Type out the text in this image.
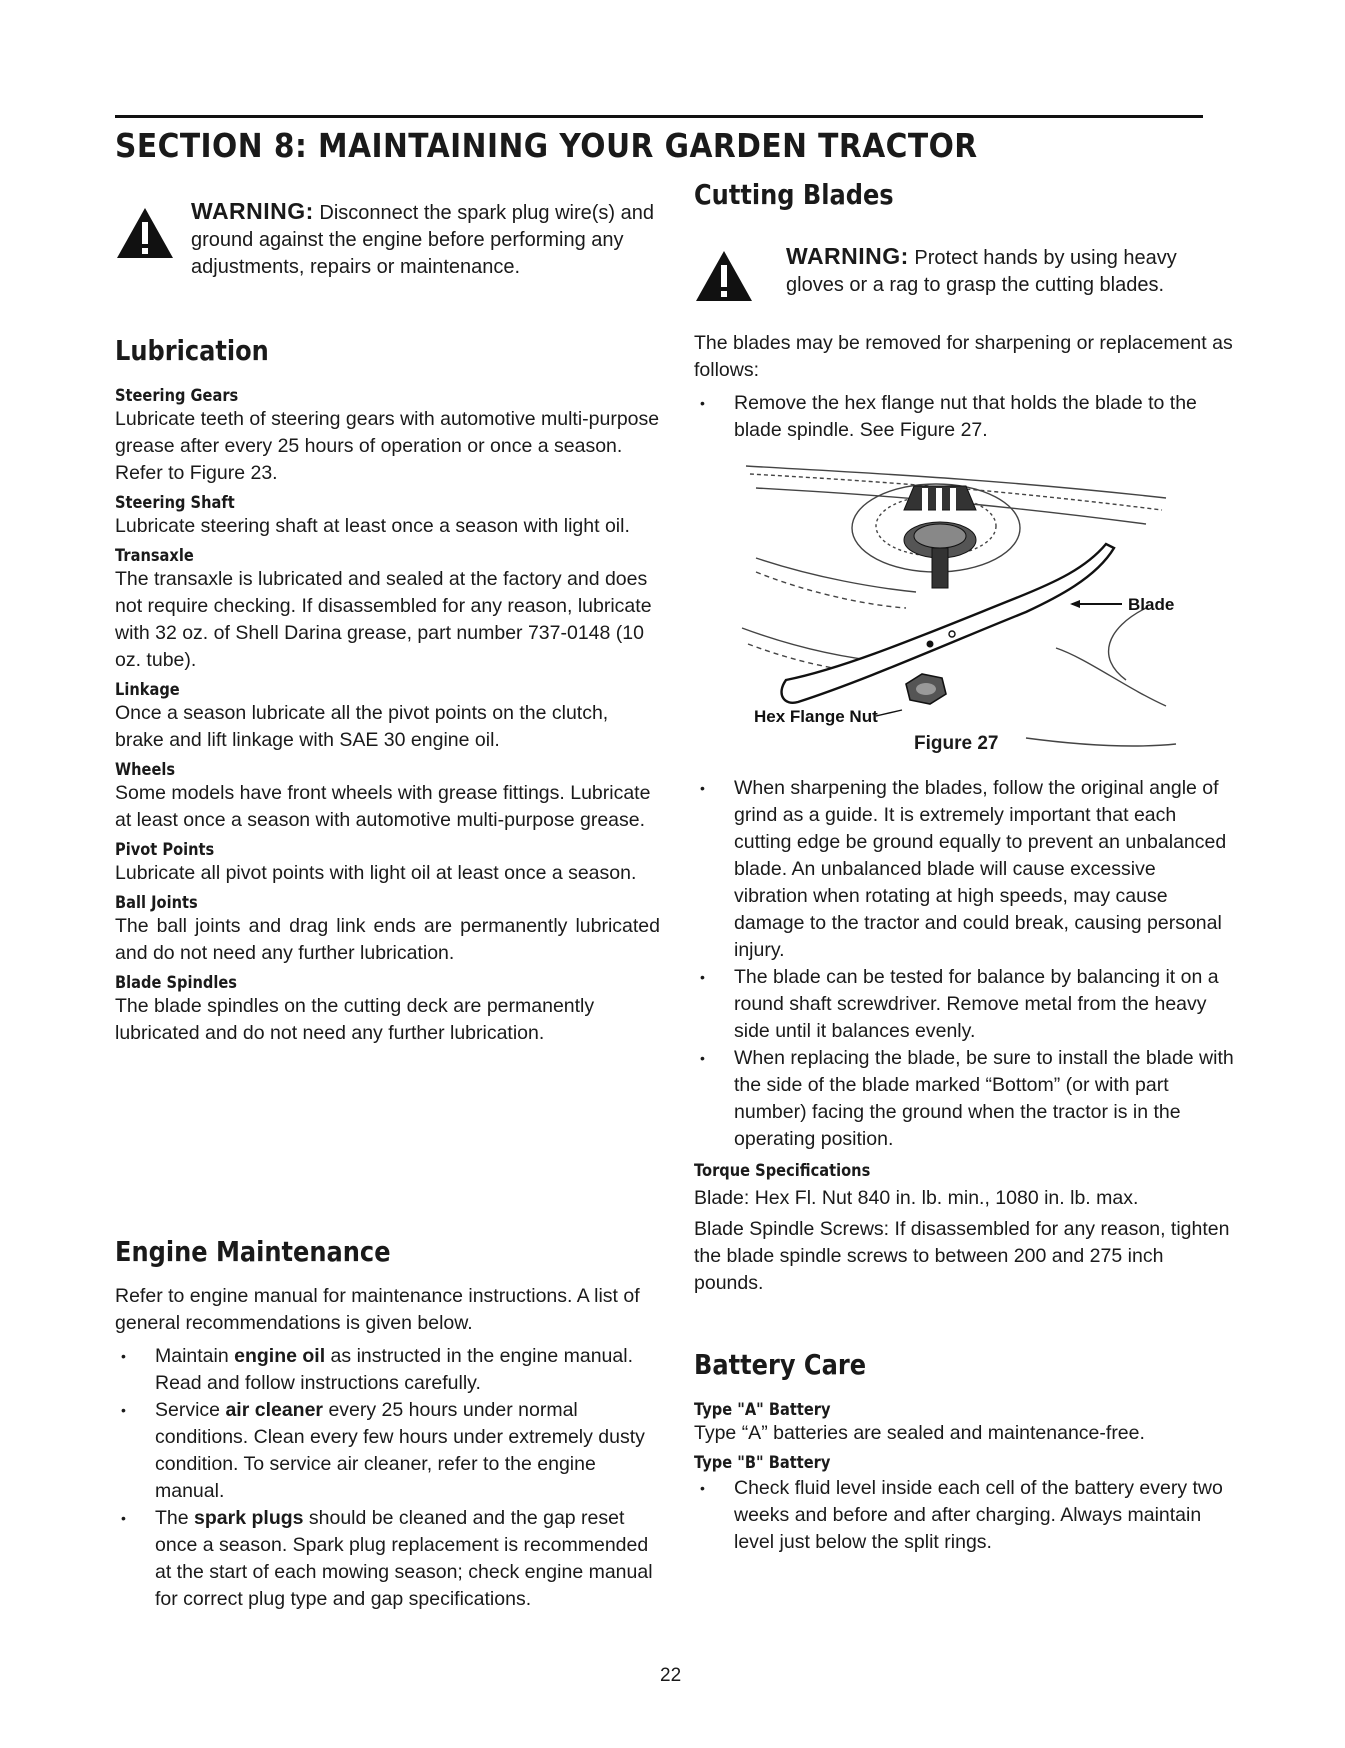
SECTION 8: MAINTAINING YOUR GARDEN TRACTOR

WARNING: Disconnect the spark plug wire(s) and ground against the engine before performing any adjustments, repairs or maintenance.

Lubrication
Steering Gears

Lubricate teeth of steering gears with automotive multi-purpose grease after every 25 hours of operation or once a season. Refer to Figure 23.

Steering Shaft

Lubricate steering shaft at least once a season with light oil.

Transaxle

The transaxle is lubricated and sealed at the factory and does not require checking. If disassembled for any reason, lubricate with 32 oz. of Shell Darina grease, part number 737-0148 (10 oz. tube).

Linkage

Once a season lubricate all the pivot points on the clutch, brake and lift linkage with SAE 30 engine oil.

Wheels

Some models have front wheels with grease fittings. Lubricate at least once a season with automotive multi-purpose grease.

Pivot Points

Lubricate all pivot points with light oil at least once a season.

Ball Joints

The ball joints and drag link ends are permanently lubricated and do not need any further lubrication.

Blade Spindles

The blade spindles on the cutting deck are permanently lubricated and do not need any further lubrication.

Engine Maintenance

Refer to engine manual for maintenance instructions. A list of general recommendations is given below.

• Maintain engine oil as instructed in the engine manual. Read and follow instructions carefully.
• Service air cleaner every 25 hours under normal conditions. Clean every few hours under extremely dusty condition. To service air cleaner, refer to the engine manual.
• The spark plugs should be cleaned and the gap reset once a season. Spark plug replacement is recommended at the start of each mowing season; check engine manual for correct plug type and gap specifications.
Cutting Blades

WARNING: Protect hands by using heavy gloves or a rag to grasp the cutting blades.

The blades may be removed for sharpening or replacement as follows:

• Remove the hex flange nut that holds the blade to the blade spindle. See Figure 27.
Blade
Hex Flange Nut
Figure 27
• When sharpening the blades, follow the original angle of grind as a guide. It is extremely important that each cutting edge be ground equally to prevent an unbalanced blade. An unbalanced blade will cause excessive vibration when rotating at high speeds, may cause damage to the tractor and could break, causing personal injury.
• The blade can be tested for balance by balancing it on a round shaft screwdriver. Remove metal from the heavy side until it balances evenly.
• When replacing the blade, be sure to install the blade with the side of the blade marked “Bottom” (or with part number) facing the ground when the tractor is in the operating position.
Torque Specifications

Blade: Hex Fl. Nut 840 in. lb. min., 1080 in. lb. max.

Blade Spindle Screws: If disassembled for any reason, tighten the blade spindle screws to between 200 and 275 inch pounds.

Battery Care
Type "A" Battery

Type “A” batteries are sealed and maintenance-free.

Type "B" Battery
• Check fluid level inside each cell of the battery every two weeks and before and after charging. Always maintain level just below the split rings.
22
